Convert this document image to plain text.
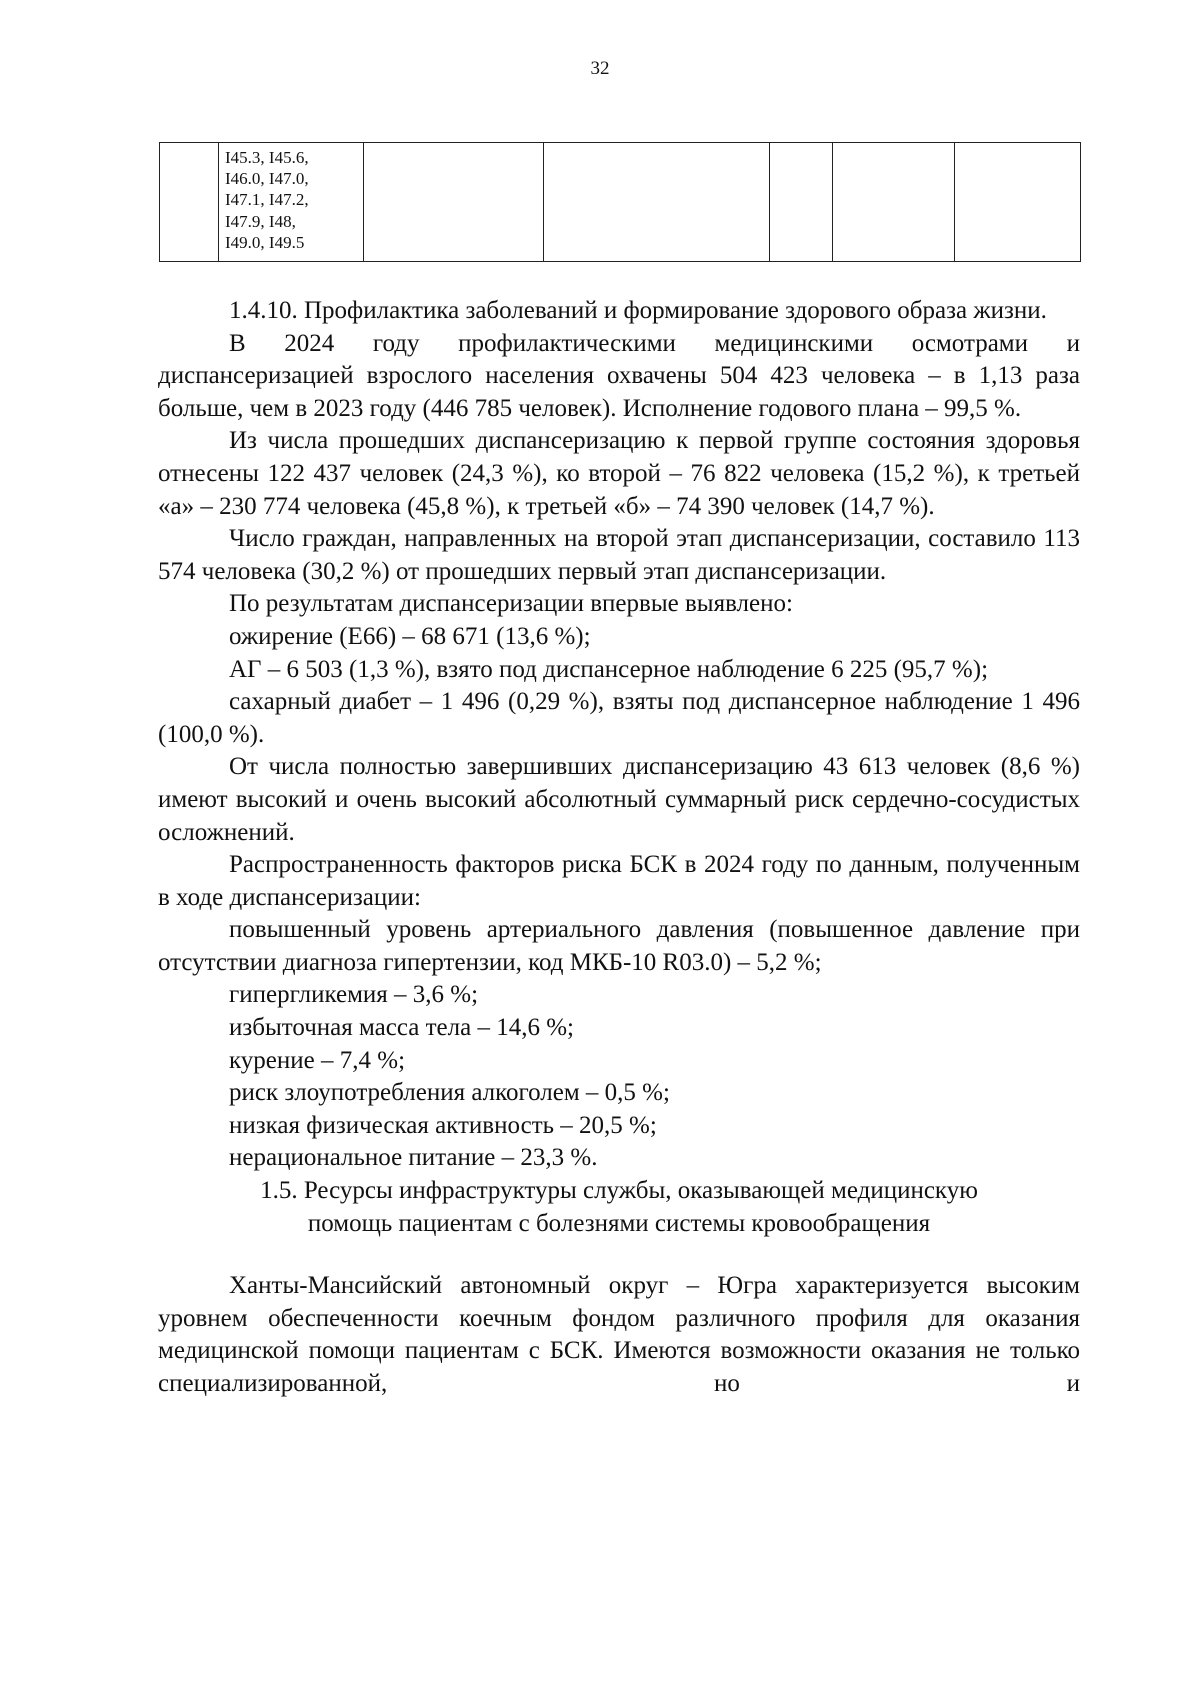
32

I45.3, I45.6,
I46.0, I47.0,
I47.1, I47.2,
I47.9, I48,
I49.0, I49.5

1.4.10. Профилактика заболеваний и формирование здорового образа жизни.

В 2024 году профилактическими медицинскими осмотрами и диспансеризацией взрослого населения охвачены 504 423 человека – в 1,13 раза больше, чем в 2023 году (446 785 человек). Исполнение годового плана – 99,5 %.

Из числа прошедших диспансеризацию к первой группе состояния здоровья отнесены 122 437 человек (24,3 %), ко второй – 76 822 человека (15,2 %), к третьей «а» – 230 774 человека (45,8 %), к третьей «б» – 74 390 человек (14,7 %).

Число граждан, направленных на второй этап диспансеризации, составило 113 574 человека (30,2 %) от прошедших первый этап диспансеризации.

По результатам диспансеризации впервые выявлено:

ожирение (Е66) – 68 671 (13,6 %);

АГ – 6 503 (1,3 %), взято под диспансерное наблюдение 6 225 (95,7 %);

сахарный диабет – 1 496 (0,29 %), взяты под диспансерное наблюдение 1 496 (100,0 %).

От числа полностью завершивших диспансеризацию 43 613 человек (8,6 %) имеют высокий и очень высокий абсолютный суммарный риск сердечно-сосудистых осложнений.

Распространенность факторов риска БСК в 2024 году по данным, полученным в ходе диспансеризации:

повышенный уровень артериального давления (повышенное давление при отсутствии диагноза гипертензии, код МКБ-10 R03.0) – 5,2 %;

гипергликемия – 3,6 %;

избыточная масса тела – 14,6 %;

курение – 7,4 %;

риск злоупотребления алкоголем – 0,5 %;

низкая физическая активность – 20,5 %;

нерациональное питание – 23,3 %.

1.5. Ресурсы инфраструктуры службы, оказывающей медицинскую
помощь пациентам с болезнями системы кровообращения

Ханты-Мансийский автономный округ – Югра характеризуется высоким уровнем обеспеченности коечным фондом различного профиля для оказания медицинской помощи пациентам с БСК. Имеются возможности оказания не только специализированной, но и
